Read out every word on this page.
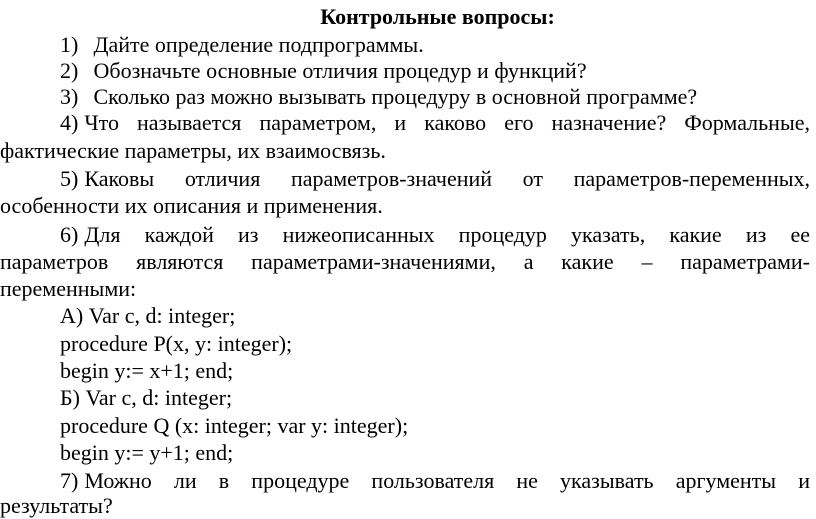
Контрольные вопросы:
1) Дайте определение подпрограммы.
2) Обозначьте основные отличия процедур и функций?
3) Сколько раз можно вызывать процедуру в основной программе?
4) Что называется параметром, и каково его назначение? Формальные,
фактические параметры, их взаимосвязь.
5) Каковы отличия параметров-значений от параметров-переменных,
особенности их описания и применения.
6) Для каждой из нижеописанных процедур указать, какие из ее
параметров являются параметрами-значениями, а какие – параметрами-
переменными:
А) Var c, d: integer;
procedure P(x, y: integer);
begin y:= x+1; end;
Б) Var c, d: integer;
procedure Q (x: integer; var y: integer);
begin y:= y+1; end;
7) Можно ли в процедуре пользователя не указывать аргументы и
результаты?
